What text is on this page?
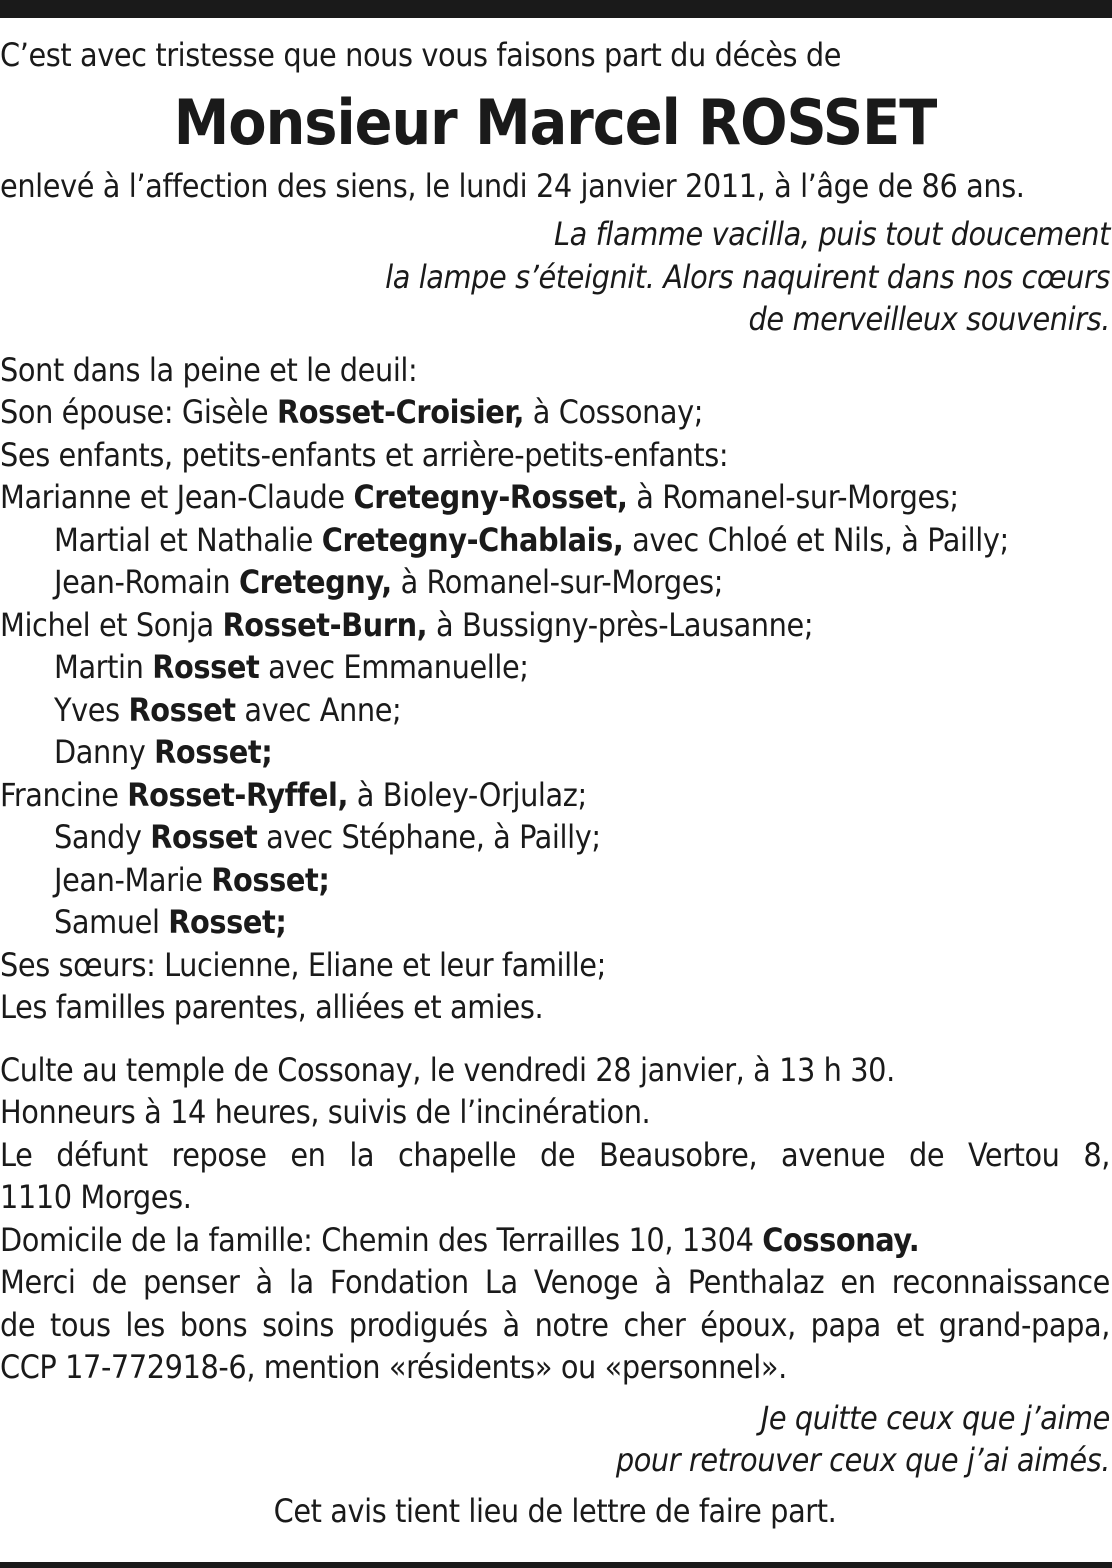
C’est avec tristesse que nous vous faisons part du décès de
Monsieur Marcel ROSSET
enlevé à l’affection des siens, le lundi 24 janvier 2011, à l’âge de 86 ans.
La flamme vacilla, puis tout doucement
la lampe s’éteignit. Alors naquirent dans nos cœurs
de merveilleux souvenirs.
Sont dans la peine et le deuil:
Son épouse: Gisèle Rosset-Croisier, à Cossonay;
Ses enfants, petits-enfants et arrière-petits-enfants:
Marianne et Jean-Claude Cretegny-Rosset, à Romanel-sur-Morges;
Martial et Nathalie Cretegny-Chablais, avec Chloé et Nils, à Pailly;
Jean-Romain Cretegny, à Romanel-sur-Morges;
Michel et Sonja Rosset-Burn, à Bussigny-près-Lausanne;
Martin Rosset avec Emmanuelle;
Yves Rosset avec Anne;
Danny Rosset;
Francine Rosset-Ryffel, à Bioley-Orjulaz;
Sandy Rosset avec Stéphane, à Pailly;
Jean-Marie Rosset;
Samuel Rosset;
Ses sœurs: Lucienne, Eliane et leur famille;
Les familles parentes, alliées et amies.
Culte au temple de Cossonay, le vendredi 28 janvier, à 13 h 30.
Honneurs à 14 heures, suivis de l’incinération.
Le défunt repose en la chapelle de Beausobre, avenue de Vertou 8,
1110 Morges.
Domicile de la famille: Chemin des Terrailles 10, 1304 Cossonay.
Merci de penser à la Fondation La Venoge à Penthalaz en reconnaissance
de tous les bons soins prodigués à notre cher époux, papa et grand-papa,
CCP 17-772918-6, mention «résidents» ou «personnel».
Je quitte ceux que j’aime
pour retrouver ceux que j’ai aimés.
Cet avis tient lieu de lettre de faire part.
